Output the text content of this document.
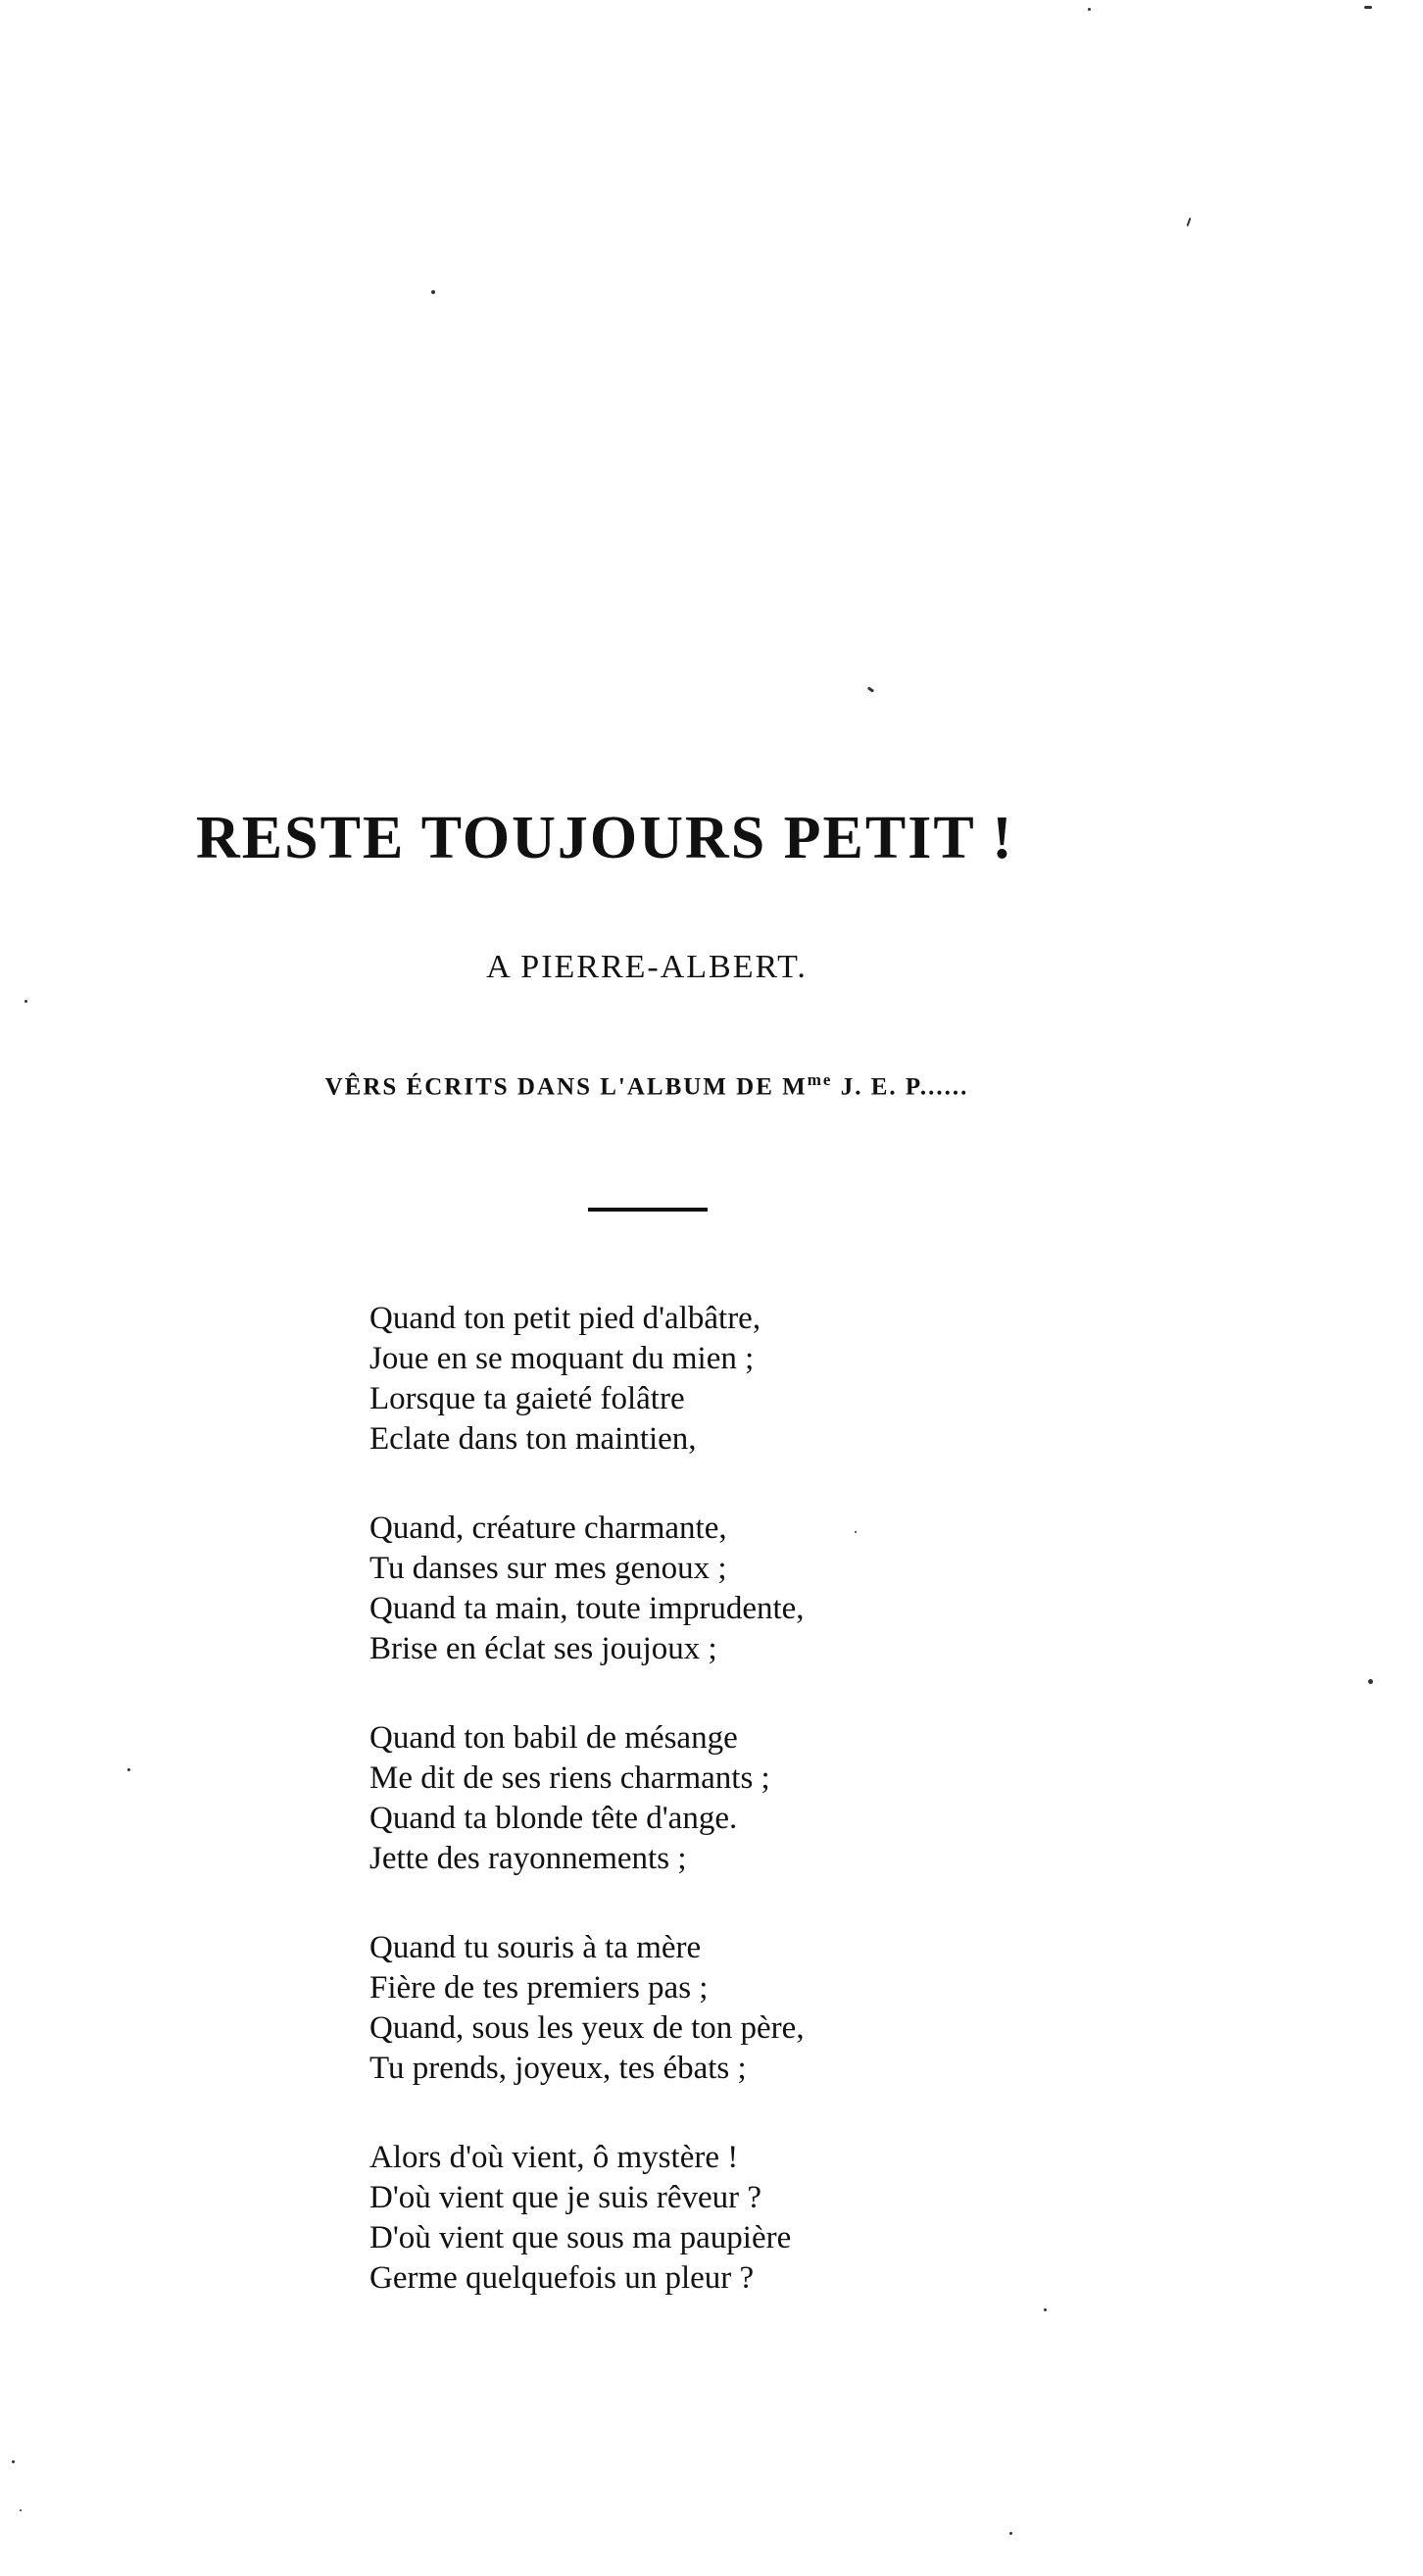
RESTE TOUJOURS PETIT !
A PIERRE-ALBERT.
VÊRS ÉCRITS DANS L'ALBUM DE $M^{me}$ J. E. P......
Quand ton petit pied d'albâtre,
Joue en se moquant du mien ;
Lorsque ta gaieté folâtre
Eclate dans ton maintien,
Quand, créature charmante,
Tu danses sur mes genoux ;
Quand ta main, toute imprudente,
Brise en éclat ses joujoux ;
Quand ton babil de mésange
Me dit de ses riens charmants ;
Quand ta blonde tête d'ange.
Jette des rayonnements ;
Quand tu souris à ta mère
Fière de tes premiers pas ;
Quand, sous les yeux de ton père,
Tu prends, joyeux, tes ébats ;
Alors d'où vient, ô mystère !
D'où vient que je suis rêveur ?
D'où vient que sous ma paupière
Germe quelquefois un pleur ?
